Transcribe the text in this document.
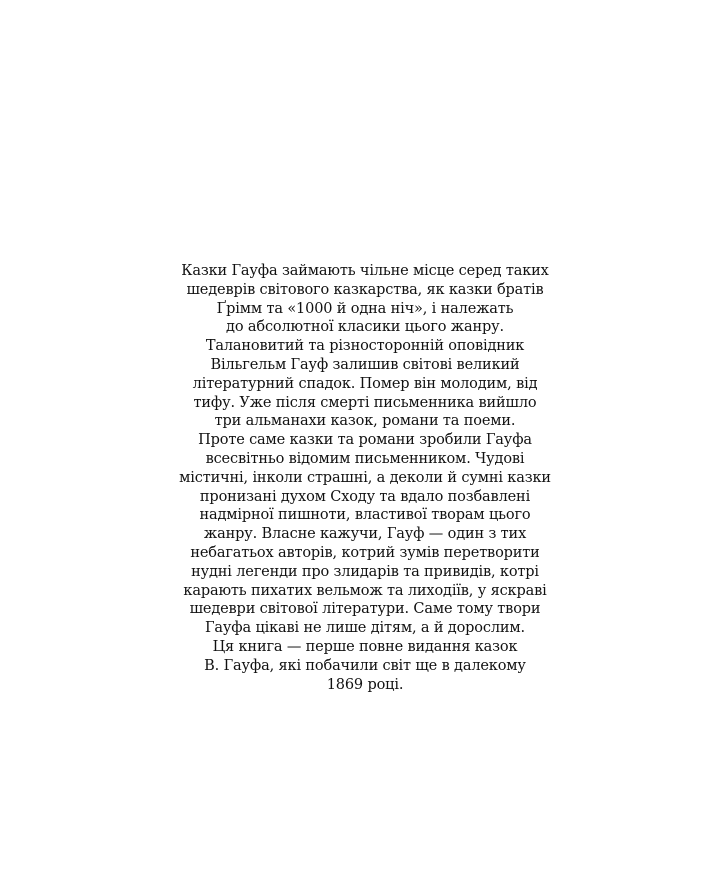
Казки Гауфа займають чільне місце серед таких
шедеврів світового казкарства, як казки братів
Ґрімм та «1000 й одна ніч», і належать
до абсолютної класики цього жанру.
Талановитий та різносторонній оповідник
Вільгельм Гауф залишив світові великий
літературний спадок. Помер він молодим, від
тифу. Уже після смерті письменника вийшло
три альманахи казок, романи та поеми.
Проте саме казки та романи зробили Гауфа
всесвітньо відомим письменником. Чудові
містичні, інколи страшні, а деколи й сумні казки
пронизані духом Сходу та вдало позбавлені
надмірної пишноти, властивої творам цього
жанру. Власне кажучи, Гауф — один з тих
небагатьох авторів, котрий зумів перетворити
нудні легенди про злидарів та привидів, котрі
карають пихатих вельмож та лиходіїв, у яскраві
шедеври світової літератури. Саме тому твори
Гауфа цікаві не лише дітям, а й дорослим.
Ця книга — перше повне видання казок
В. Гауфа, які побачили світ ще в далекому
1869 році.
